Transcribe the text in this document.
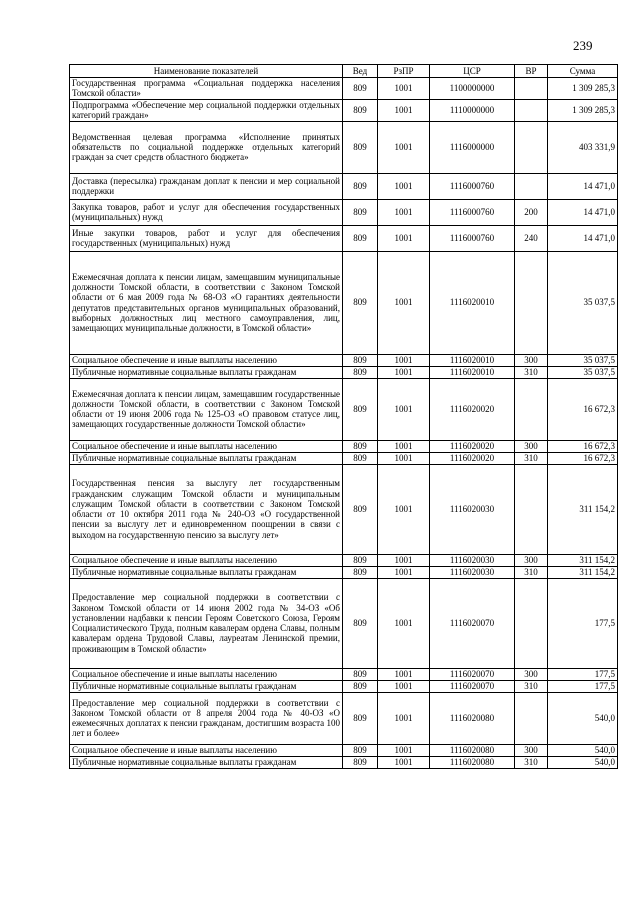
239
Наименование показателей	Вед	РзПР	ЦСР	ВР	Сумма
Государственная программа «Социальная поддержка населения Томской области»	809	1001	1100000000		1 309 285,3
Подпрограмма «Обеспечение мер социальной поддержки отдельных категорий граждан»	809	1001	1110000000		1 309 285,3
Ведомственная целевая программа «Исполнение принятых обязательств по социальной поддержке отдельных категорий граждан за счет средств областного бюджета»	809	1001	1116000000		403 331,9
Доставка (пересылка) гражданам доплат к пенсии и мер социальной поддержки	809	1001	1116000760		14 471,0
Закупка товаров, работ и услуг для обеспечения государственных (муниципальных) нужд	809	1001	1116000760	200	14 471,0
Иные закупки товаров, работ и услуг для обеспечения государственных (муниципальных) нужд	809	1001	1116000760	240	14 471,0
Ежемесячная доплата к пенсии лицам, замещавшим муниципальные должности Томской области, в соответствии с Законом Томской области от 6 мая 2009 года № 68-ОЗ «О гарантиях деятельности депутатов представительных органов муниципальных образований, выборных должностных лиц местного самоуправления, лиц, замещающих муниципальные должности, в Томской области»	809	1001	1116020010		35 037,5
Социальное обеспечение и иные выплаты населению	809	1001	1116020010	300	35 037,5
Публичные нормативные социальные выплаты гражданам	809	1001	1116020010	310	35 037,5
Ежемесячная доплата к пенсии лицам, замещавшим государственные должности Томской области, в соответствии с Законом Томской области от 19 июня 2006 года № 125-ОЗ «О правовом статусе лиц, замещающих государственные должности Томской области»	809	1001	1116020020		16 672,3
Социальное обеспечение и иные выплаты населению	809	1001	1116020020	300	16 672,3
Публичные нормативные социальные выплаты гражданам	809	1001	1116020020	310	16 672,3
Государственная пенсия за выслугу лет государственным гражданским служащим Томской области и муниципальным служащим Томской области в соответствии с Законом Томской области от 10 октября 2011 года № 240-ОЗ «О государственной пенсии за выслугу лет и единовременном поощрении в связи с выходом на государственную пенсию за выслугу лет»	809	1001	1116020030		311 154,2
Социальное обеспечение и иные выплаты населению	809	1001	1116020030	300	311 154,2
Публичные нормативные социальные выплаты гражданам	809	1001	1116020030	310	311 154,2
Предоставление мер социальной поддержки в соответствии с Законом Томской области от 14 июня 2002 года № 34-ОЗ «Об установлении надбавки к пенсии Героям Советского Союза, Героям Социалистического Труда, полным кавалерам ордена Славы, полным кавалерам ордена Трудовой Славы, лауреатам Ленинской премии, проживающим в Томской области»	809	1001	1116020070		177,5
Социальное обеспечение и иные выплаты населению	809	1001	1116020070	300	177,5
Публичные нормативные социальные выплаты гражданам	809	1001	1116020070	310	177,5
Предоставление мер социальной поддержки в соответствии с Законом Томской области от 8 апреля 2004 года № 40-ОЗ «О ежемесячных доплатах к пенсии гражданам, достигшим возраста 100 лет и более»	809	1001	1116020080		540,0
Социальное обеспечение и иные выплаты населению	809	1001	1116020080	300	540,0
Публичные нормативные социальные выплаты гражданам	809	1001	1116020080	310	540,0
